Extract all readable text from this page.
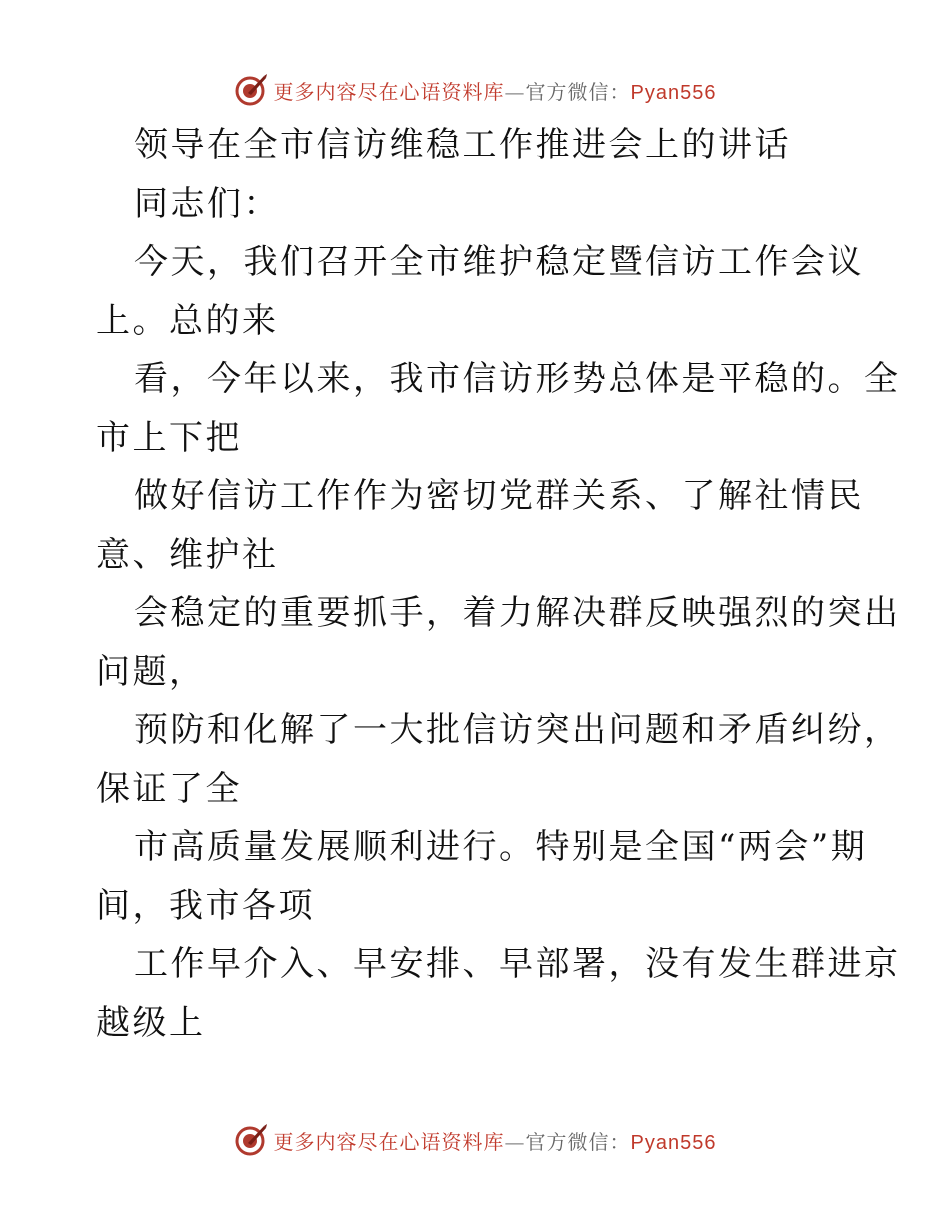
更多内容尽在心语资料库—官方微信：Pyan556
领导在全市信访维稳工作推进会上的讲话
同志们：
今天，我们召开全市维护稳定暨信访工作会议
上。总的来
看，今年以来，我市信访形势总体是平稳的。全
市上下把
做好信访工作作为密切党群关系、了解社情民
意、维护社
会稳定的重要抓手，着力解决群反映强烈的突出
问题，
预防和化解了一大批信访突出问题和矛盾纠纷，
保证了全
市高质量发展顺利进行。特别是全国“两会”期
间，我市各项
工作早介入、早安排、早部署，没有发生群进京
越级上
更多内容尽在心语资料库—官方微信：Pyan556
